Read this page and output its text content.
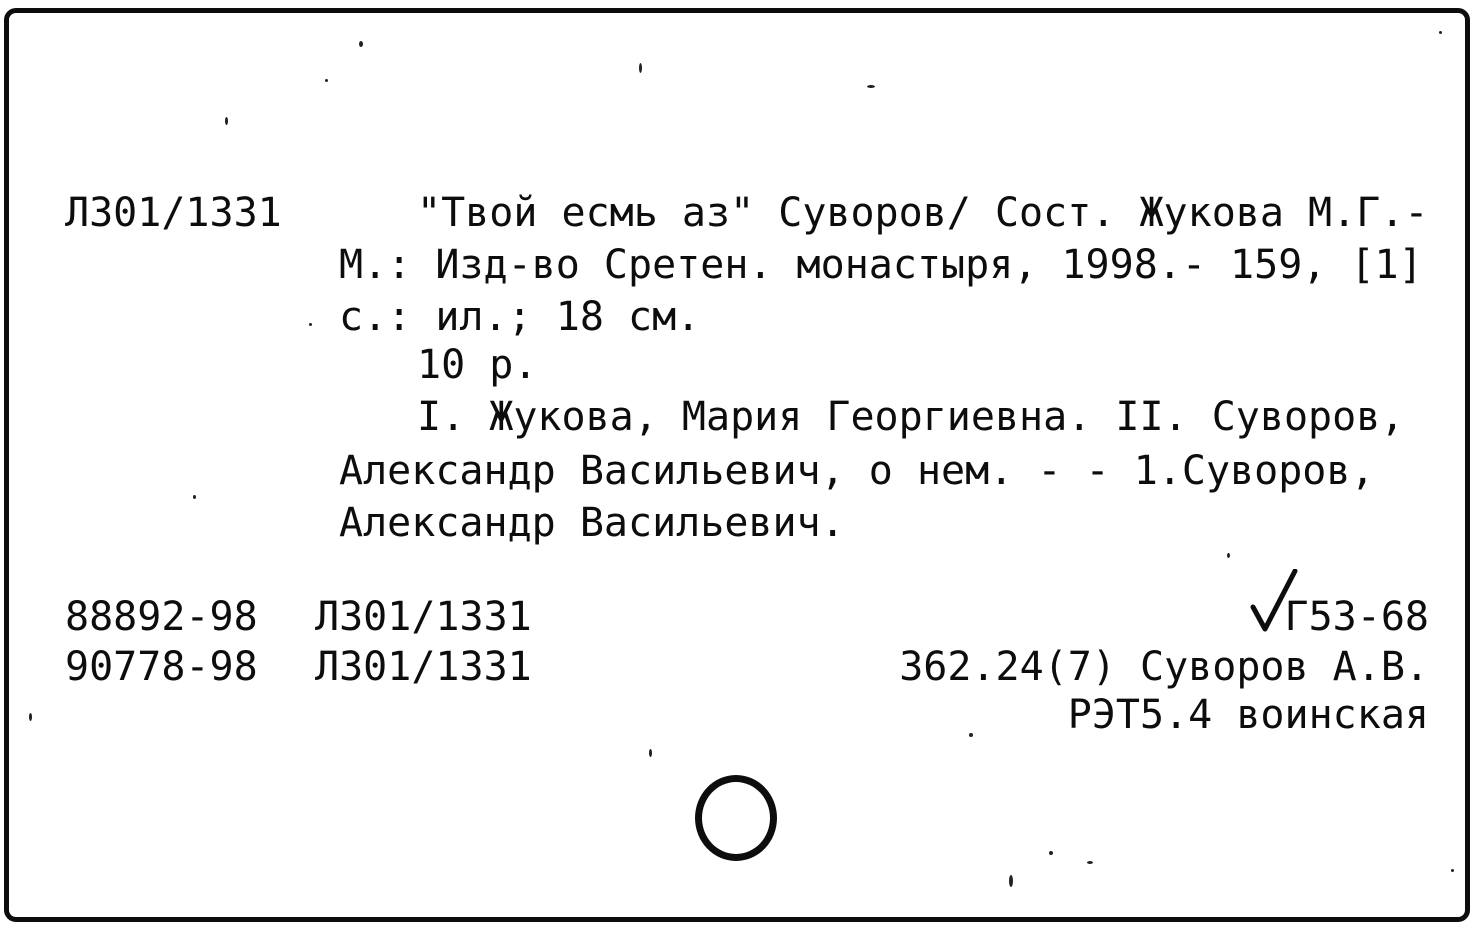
Л301/1331	"Твой есмь аз" Суворов/ Сост. Жукова М.Г.-
М.: Изд-во Сретен. монастыря, 1998.- 159, [1]
с.: ил.; 18 см.
10 р.
I. Жукова, Мария Георгиевна. II. Суворов,
Александр Васильевич, о нем. - - 1.Суворов,
Александр Васильевич.
88892-98 Л301/1331
90778-98 Л301/1331
Г53-68
362.24(7) Суворов А.В.
РЭТ5.4 воинская
